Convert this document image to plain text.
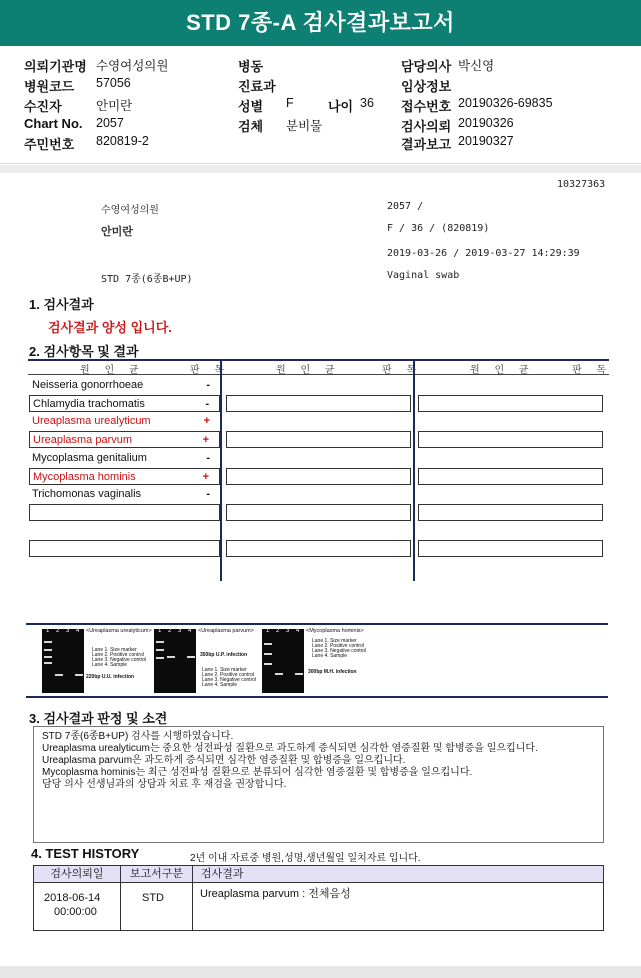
STD 7종-A 검사결과보고서
의뢰기관명 수영여성의원
병원코드 57056
수진자	안미란
Chart No. 2057
주민번호 820819-2
병동
진료과
성별 F	나이 36
검체 분비물
담당의사 박신영
임상정보
접수번호 20190326-69835
검사의뢰 20190326
결과보고 20190327
10327363
수영여성의원	2057 /
안미란	F / 36 / (820819)
2019-03-26 / 2019-03-27 14:29:39
STD 7종(6종B+UP)	Vaginal swab
1. 검사결과
검사결과 양성 입니다.
2. 검사항목 및 결과
원 인 균	판 독	원 인 균	판 독	원 인 균	판 독
Neisseria gonorrhoeae	-
Chlamydia trachomatis	-
Ureaplasma urealyticum	+
Ureaplasma parvum	+
Mycoplasma genitalium	-
Mycoplasma hominis	+
Trichomonas vaginalis	-
1 2 3 4 <Ureaplasma urealyticum>
Lane 1. Size marker
Lane 2. Positive control
Lane 3. Negative control
Lane 4. Sample
220bp U.U. infection
1 2 3 4 <Ureaplasma parvum>
350bp U.P. infection
Lane 1. Size marker
Lane 2. Positive control
Lane 3. Negative control
Lane 4. Sample
1 2 3 4 <Mycoplasma hominis>
Lane 1. Size marker
Lane 2. Positive control
Lane 3. Negative control
Lane 4. Sample
300bp M.H. infection
3. 검사결과 판정 및 소견
STD 7종(6종B+UP) 검사를 시행하였습니다.
Ureaplasma urealyticum는 중요한 성전파성 질환으로 과도하게 증식되면 심각한 염증질환 및 합병증을 일으킵니다.
Ureaplasma parvum은 과도하게 증식되면 심각한 염증질환 및 합병증을 일으킵니다.
Mycoplasma hominis는 최근 성전파성 질환으로 분류되어 심각한 염증질환 및 합병증을 일으킵니다.
담당 의사 선생님과의 상담과 치료 후 재검을 권장합니다.
4. TEST HISTORY	2년 이내 자료중 병원,성명,생년월일 일치자료 입니다.
검사의뢰일	보고서구분	검사결과
2018-06-14
00:00:00
STD	Ureaplasma parvum : 전체음성
